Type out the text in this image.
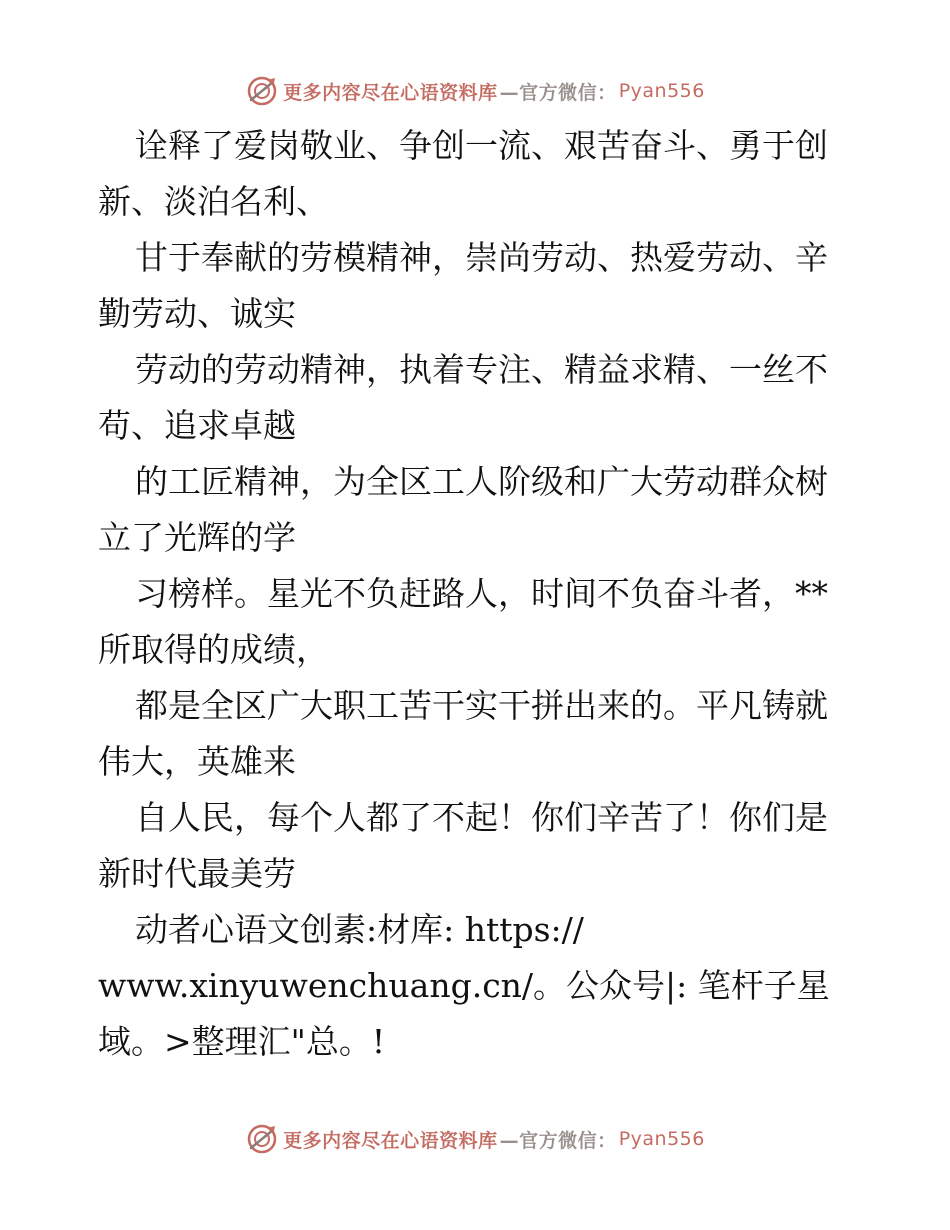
更多内容尽在心语资料库 —官方微信： Pyan556

诠释了爱岗敬业、争创一流、艰苦奋斗、勇于创
新、淡泊名利、

甘于奉献的劳模精神，崇尚劳动、热爱劳动、辛
勤劳动、诚实

劳动的劳动精神，执着专注、精益求精、一丝不
苟、追求卓越

的工匠精神，为全区工人阶级和广大劳动群众树
立了光辉的学

习榜样。星光不负赶路人，时间不负奋斗者，**
所取得的成绩，

都是全区广大职工苦干实干拼出来的。平凡铸就
伟大，英雄来

自人民，每个人都了不起！你们辛苦了！你们是
新时代最美劳

动者心语文创素:材库: https://
www.xinyuwenchuang.cn/。公众号|: 笔杆子星
域。>整理汇"总。!

更多内容尽在心语资料库 —官方微信： Pyan556
